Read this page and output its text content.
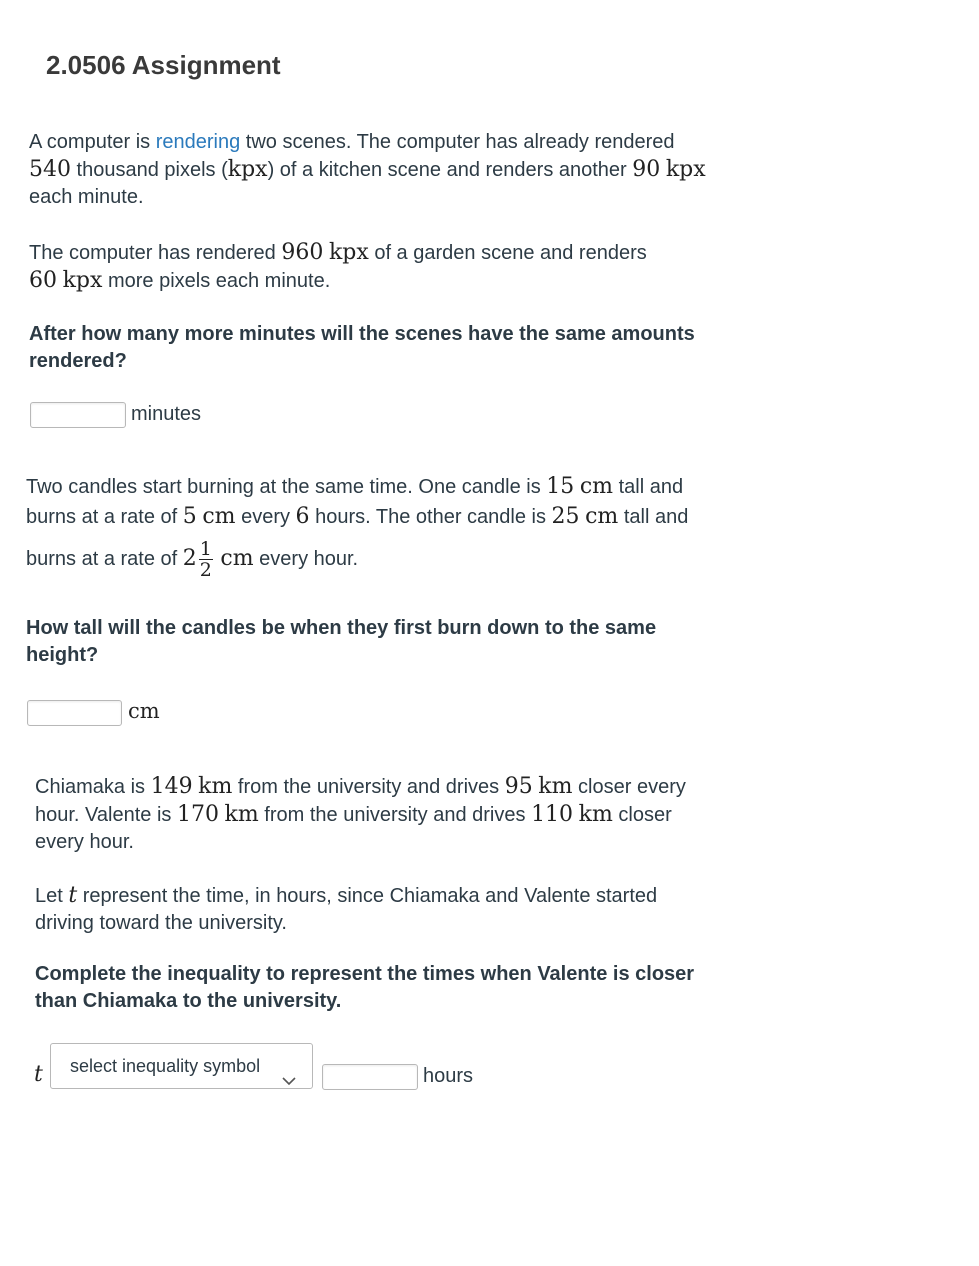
2.0506 Assignment
A computer is rendering two scenes. The computer has already rendered
540 thousand pixels (kpx) of a kitchen scene and renders another 90 kpx
each minute.
The computer has rendered 960 kpx of a garden scene and renders
60 kpx more pixels each minute.
After how many more minutes will the scenes have the same amounts
rendered?
minutes
Two candles start burning at the same time. One candle is 15 cm tall and
burns at a rate of 5 cm every 6 hours. The other candle is 25 cm tall and
burns at a rate of $2 \frac{1}{2}$ cm every hour.
How tall will the candles be when they first burn down to the same
height?
cm
Chiamaka is 149 km from the university and drives 95 km closer every
hour. Valente is 170 km from the university and drives 110 km closer
every hour.
Let t represent the time, in hours, since Chiamaka and Valente started
driving toward the university.
Complete the inequality to represent the times when Valente is closer
than Chiamaka to the university.
t	select inequality symbol	hours
